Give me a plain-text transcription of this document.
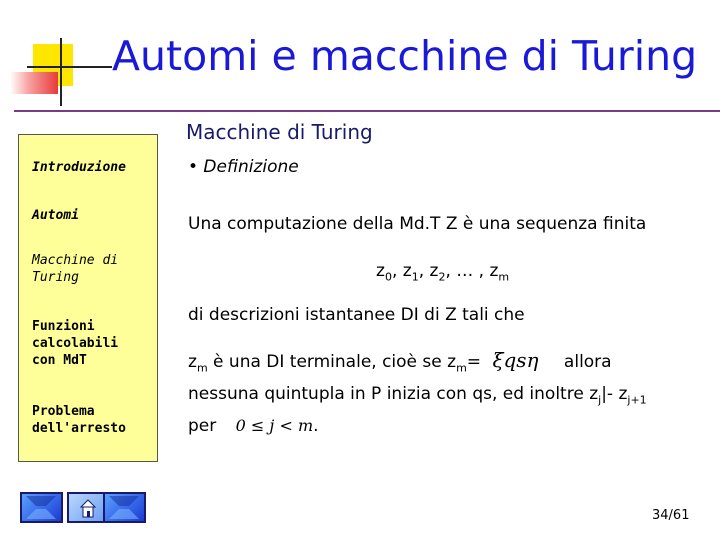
Automi e macchine di Turing
Macchine di Turing
Introduzione
Automi
Macchine di Turing
Funzioni calcolabili con MdT
Problema dell'arresto
• Definizione
Una computazione della Md.T Z è una sequenza finita
$z_0$, $z_1$, $z_2$, … , $z_m$
di descrizioni istantanee DI di Z tali che
$z_m$ è una DI terminale, cioè se $z_m= \xi qs\eta$ allora
nessuna quintupla in P inizia con qs, ed inoltre $z_j|-$ $z_{j+1}$
per 0 ≤ j < m.
34/61
